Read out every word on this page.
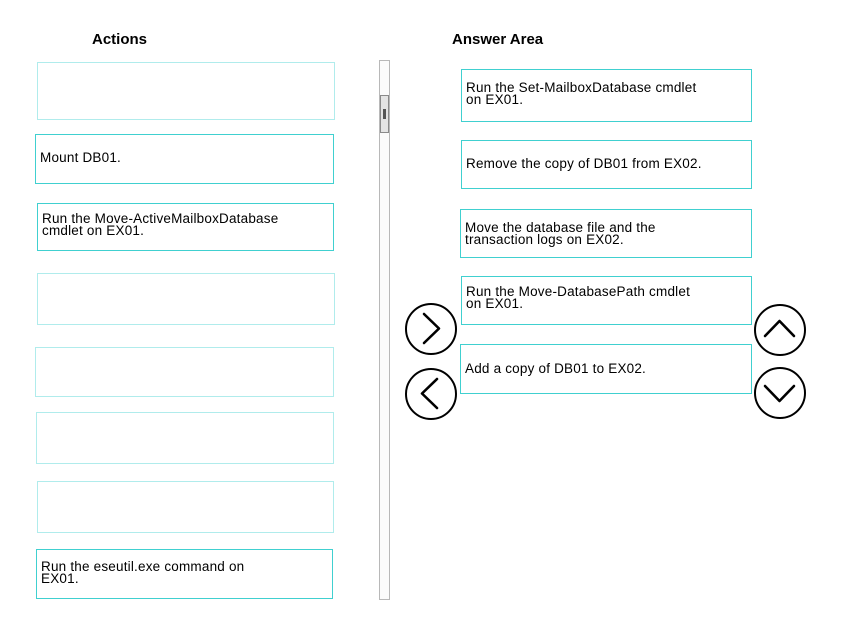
Actions	Answer Area
Mount DB01.
Run the Move-ActiveMailboxDatabase
cmdlet on EX01.
Run the eseutil.exe command on
EX01.
Run the Set-MailboxDatabase cmdlet
on EX01.
Remove the copy of DB01 from EX02.
Move the database file and the
transaction logs on EX02.
Run the Move-DatabasePath cmdlet
on EX01.
Add a copy of DB01 to EX02.
